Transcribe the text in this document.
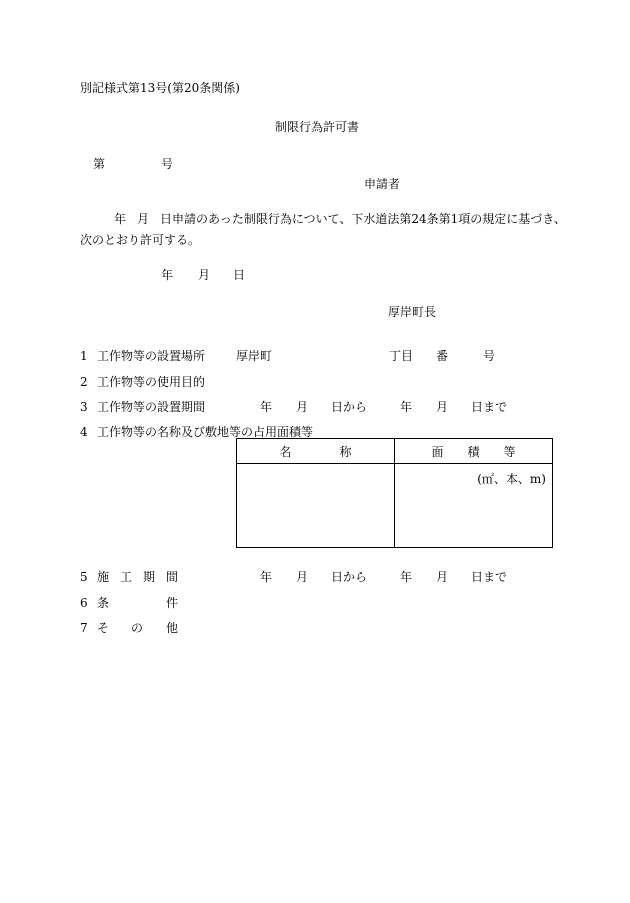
別記様式第13号(第20条関係)
制限行為許可書
第	号
申請者
年 月 日申請のあった制限行為について、下水道法第24条第1項の規定に基づき、
次のとおり許可する。
年 月 日
厚岸町長
1 工作物等の設置場所	厚岸町	丁目 番	号
2 工作物等の使用目的
3 工作物等の設置期間	年 月 日から	年 月 日まで
4 工作物等の名称及び敷地等の占用面積等
名 称	面 積 等

	(㎡、本、m)
5 施 工 期 間	年 月 日から	年 月 日まで
6 条	件
7 そ の 他
